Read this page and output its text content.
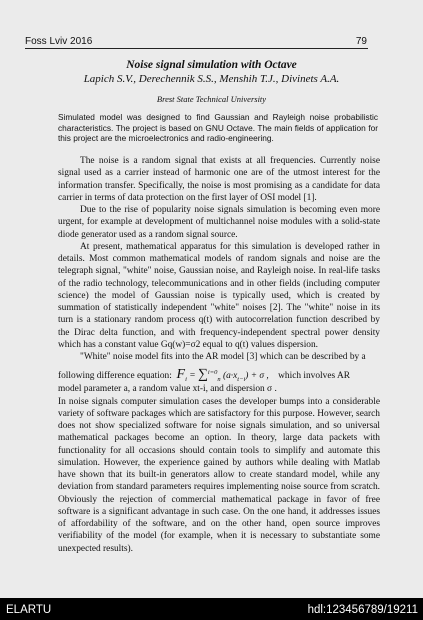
Foss Lviv 2016	79
Noise signal simulation with Octave
Lapich S.V., Derechennik S.S., Menshih T.J., Divinets A.A.
Brest State Technical University
Simulated model was designed to find Gaussian and Rayleigh noise probabilistic characteristics. The project is based on GNU Octave. The main fields of application for this project are the microelectronics and radio-engineering.

The noise is a random signal that exists at all frequencies. Currently noise signal used as a carrier instead of harmonic one are of the utmost interest for the information transfer. Specifically, the noise is most promising as a candidate for data carrier in terms of data protection on the first layer of OSI model [1].

Due to the rise of popularity noise signals simulation is becoming even more urgent, for example at development of multichannel noise modules with a solid-state diode generator used as a random signal source.

At present, mathematical apparatus for this simulation is developed rather in details. Most common mathematical models of random signals and noise are the telegraph signal, "white" noise, Gaussian noise, and Rayleigh noise. In real-life tasks of the radio technology, telecommunications and in other fields (including computer science) the model of Gaussian noise is typically used, which is created by summation of statistically independent "white" noises [2]. The "white" noise in its turn is a stationary random process q(t) with autocorrelation function described by the Dirac delta function, and with frequency-independent spectral power density which has a constant value Gq(w)=σ2 equal to q(t) values dispersion.

"White" noise model fits into the AR model [3] which can be described by a

following difference equation: $F_i = \sum^{i=0}_n$ $(a\cdot x_{t-i}) + \sigma$ , which involves AR

model parameter a, a random value xt-i, and dispersion σ .

In noise signals computer simulation cases the developer bumps into a considerable variety of software packages which are satisfactory for this purpose. However, search does not show specialized software for noise signals simulation, and so universal mathematical packages become an option. In theory, large data packets with functionality for all occasions should contain tools to simplify and automate this simulation. However, the experience gained by authors while dealing with Matlab have shown that its built-in generators allow to create standard model, while any deviation from standard parameters requires implementing noise source from scratch. Obviously the rejection of commercial mathematical package in favor of free software is a significant advantage in such case. On the one hand, it addresses issues of affordability of the software, and on the other hand, open source improves verifiability of the model (for example, when it is necessary to substantiate some unexpected results).

ELARTU	hdl:123456789/19211
